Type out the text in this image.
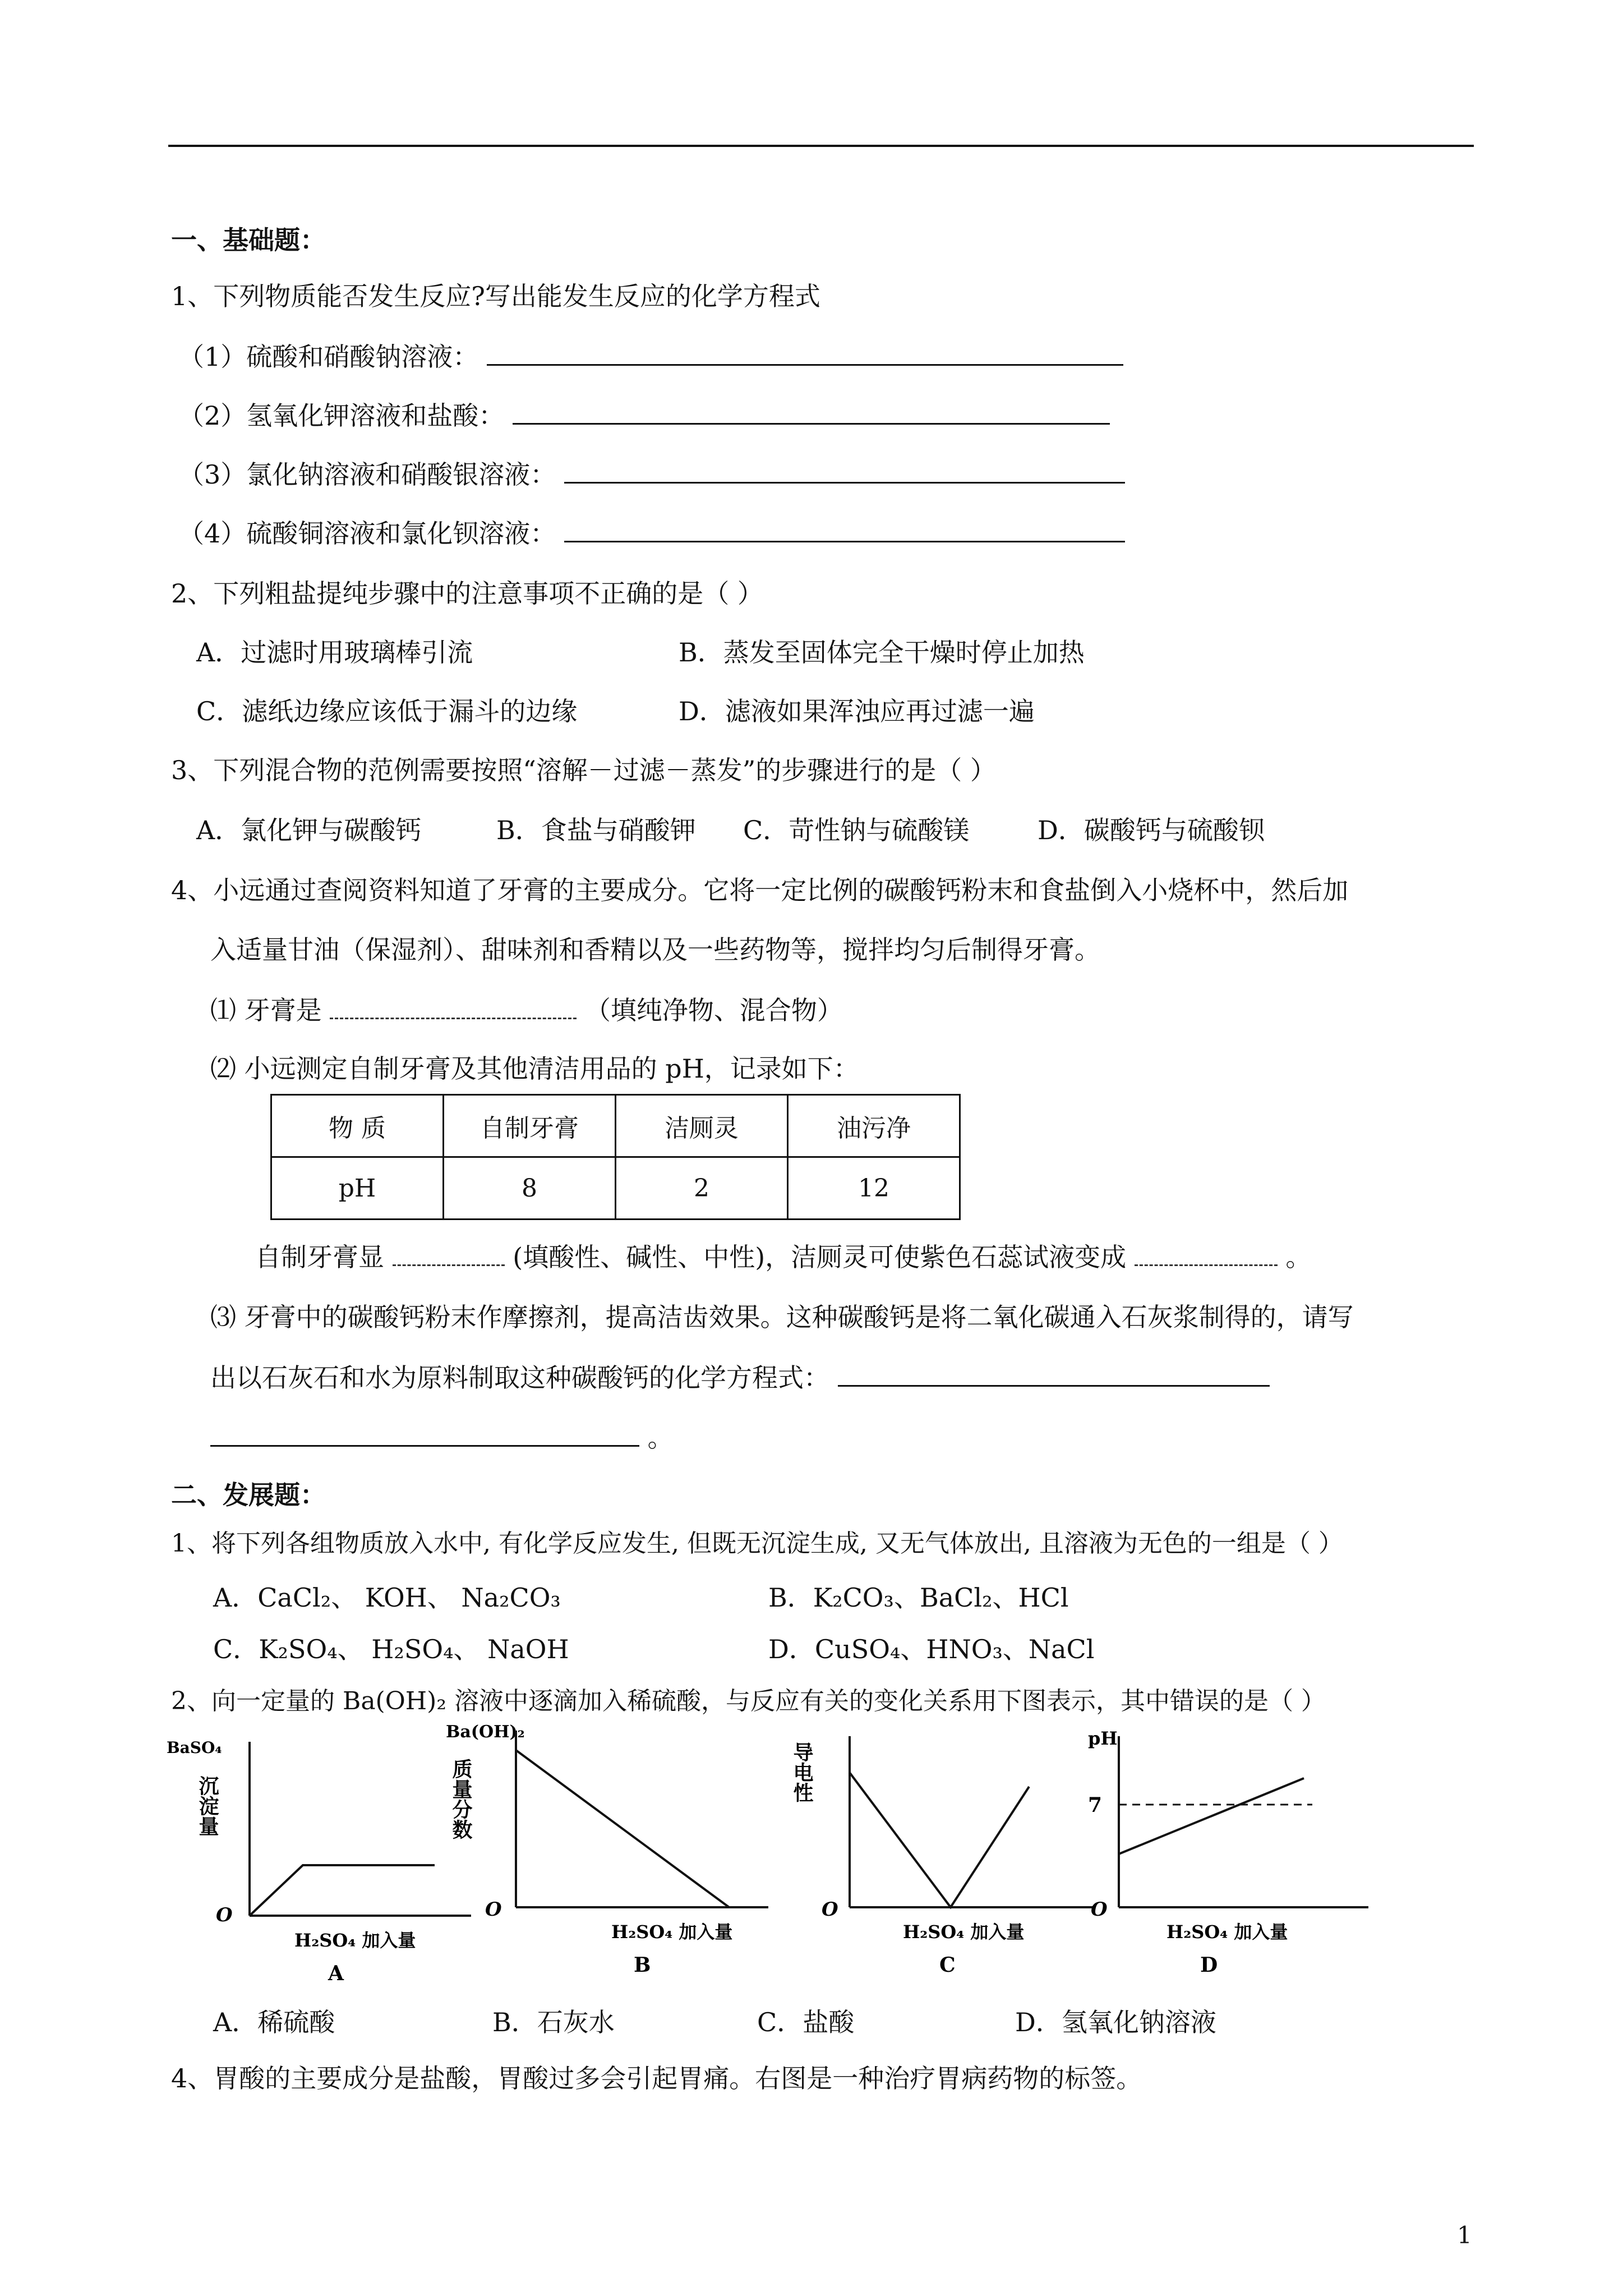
一、基础题：
1、下列物质能否发生反应?写出能发生反应的化学方程式
（1）硫酸和硝酸钠溶液：
（2）氢氧化钾溶液和盐酸：
（3）氯化钠溶液和硝酸银溶液：
（4）硫酸铜溶液和氯化钡溶液：
2、下列粗盐提纯步骤中的注意事项不正确的是（ ）
A．过滤时用玻璃棒引流	B．蒸发至固体完全干燥时停止加热
C．滤纸边缘应该低于漏斗的边缘	D．滤液如果浑浊应再过滤一遍
3、下列混合物的范例需要按照“溶解－过滤－蒸发”的步骤进行的是（ ）
A．氯化钾与碳酸钙	B．食盐与硝酸钾 C．苛性钠与硫酸镁	D．碳酸钙与硫酸钡
4、小远通过查阅资料知道了牙膏的主要成分。它将一定比例的碳酸钙粉末和食盐倒入小烧杯中，然后加
入适量甘油（保湿剂）、甜味剂和香精以及一些药物等，搅拌均匀后制得牙膏。
⑴ 牙膏是	（填纯净物、混合物）
⑵ 小远测定自制牙膏及其他清洁用品的 pH，记录如下：
物 质	自制牙膏	洁厕灵	油污净
pH	8	2	12
自制牙膏显	(填酸性、碱性、中性)，洁厕灵可使紫色石蕊试液变成	。
⑶ 牙膏中的碳酸钙粉末作摩擦剂，提高洁齿效果。这种碳酸钙是将二氧化碳通入石灰浆制得的，请写
出以石灰石和水为原料制取这种碳酸钙的化学方程式：
。
二、发展题：
1、将下列各组物质放入水中, 有化学反应发生, 但既无沉淀生成, 又无气体放出, 且溶液为无色的一组是（ ）
A．CaCl₂、 KOH、 Na₂CO₃	B．K₂CO₃、BaCl₂、HCl
C．K₂SO₄、 H₂SO₄、 NaOH	D．CuSO₄、HNO₃、NaCl
2、向一定量的 Ba(OH)₂ 溶液中逐滴加入稀硫酸，与反应有关的变化关系用下图表示，其中错误的是（ ）
BaSO₄
沉淀量
O
H₂SO₄ 加入量
A
Ba(OH)₂
质量分数
O
H₂SO₄ 加入量
B
导电性
O
H₂SO₄ 加入量
C
pH
7
O
H₂SO₄ 加入量
D
A．稀硫酸	B．石灰水	C．盐酸	D．氢氧化钠溶液
4、胃酸的主要成分是盐酸，胃酸过多会引起胃痛。右图是一种治疗胃病药物的标签。
1
